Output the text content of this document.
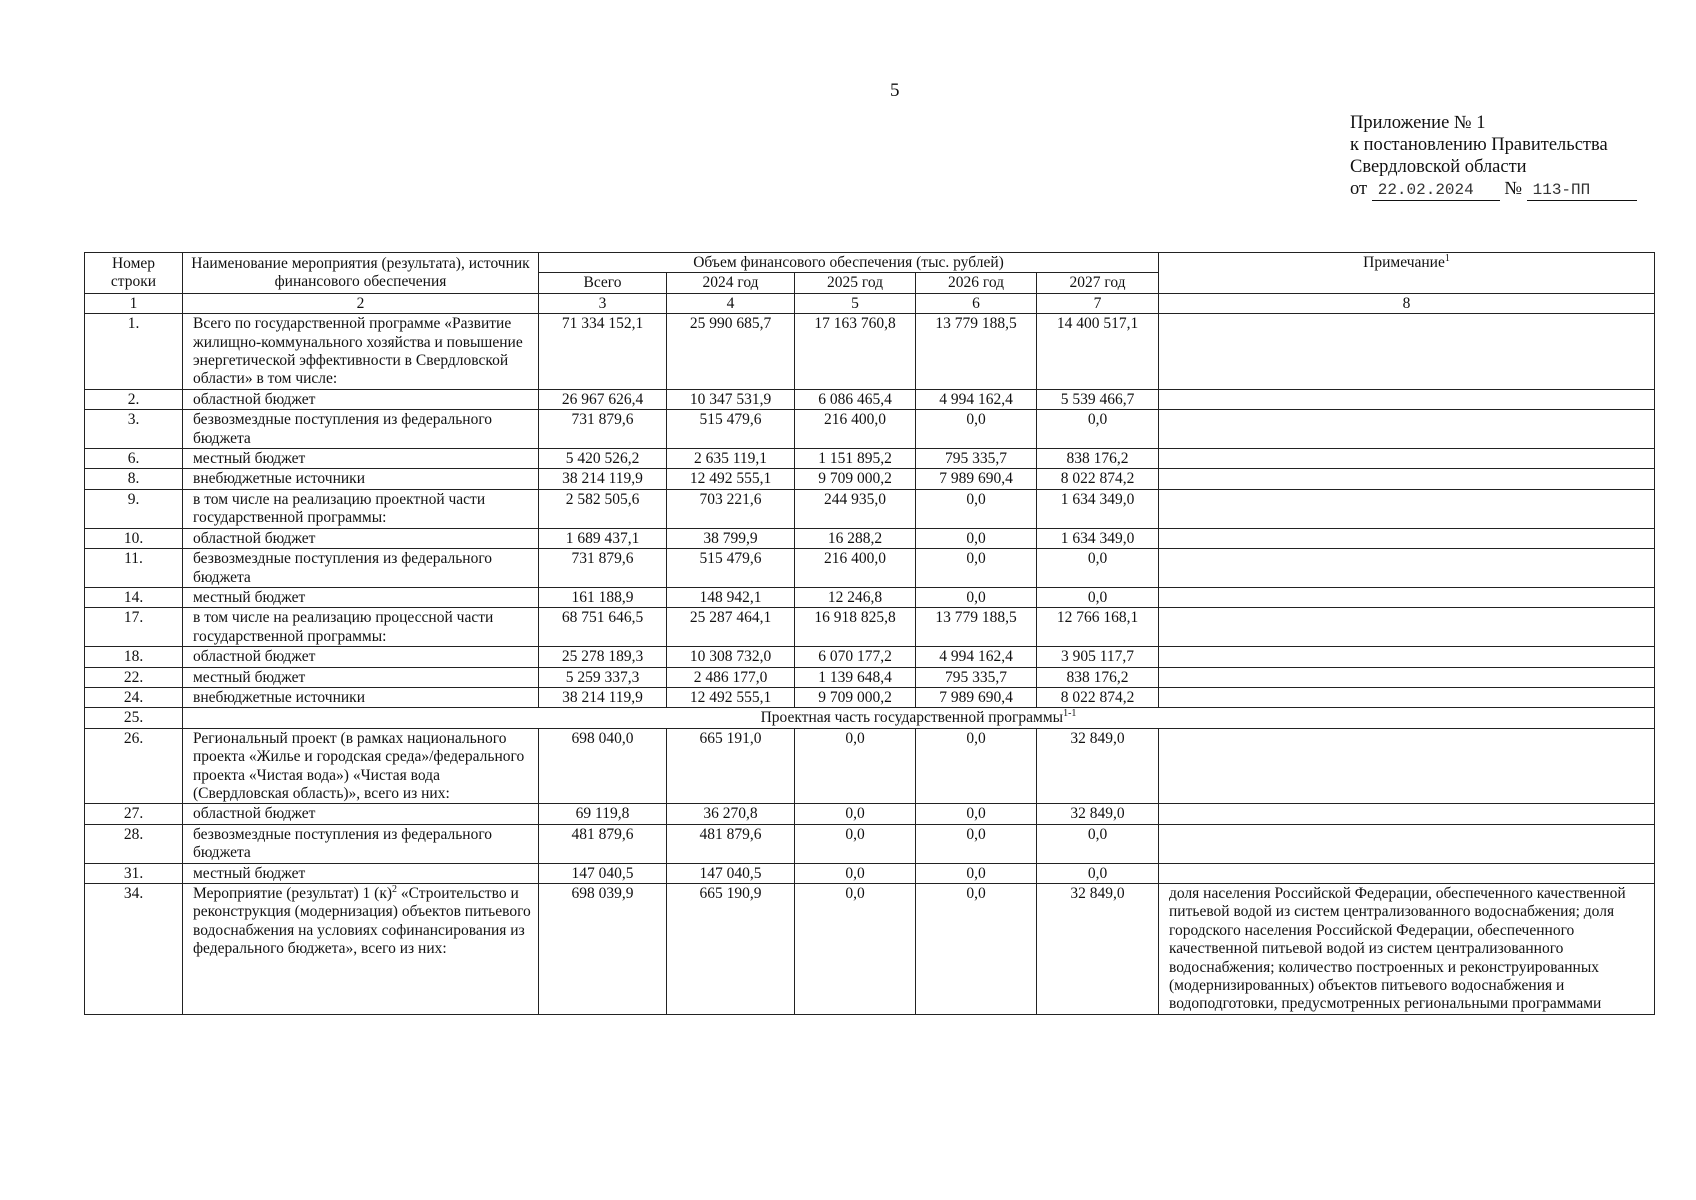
5
Приложение № 1
к постановлению Правительства
Свердловской области
от 22.02.2024 № 113-ПП
Номер строки	Наименование мероприятия (результата), источник финансового обеспечения	Объем финансового обеспечения (тыс. рублей)					Примечание$^1$
		Всего	2024 год	2025 год	2026 год	2027 год	
1	2	3	4	5	6	7	8
1.	Всего по государственной программе «Развитие жилищно-коммунального хозяйства и повышение энергетической эффективности в Свердловской области» в том числе:	71 334 152,1	25 990 685,7	17 163 760,8	13 779 188,5	14 400 517,1	
2.	областной бюджет	26 967 626,4	10 347 531,9	6 086 465,4	4 994 162,4	5 539 466,7	
3.	безвозмездные поступления из федерального бюджета	731 879,6	515 479,6	216 400,0	0,0	0,0	
6.	местный бюджет	5 420 526,2	2 635 119,1	1 151 895,2	795 335,7	838 176,2	
8.	внебюджетные источники	38 214 119,9	12 492 555,1	9 709 000,2	7 989 690,4	8 022 874,2	
9.	в том числе на реализацию проектной части государственной программы:	2 582 505,6	703 221,6	244 935,0	0,0	1 634 349,0	
10.	областной бюджет	1 689 437,1	38 799,9	16 288,2	0,0	1 634 349,0	
11.	безвозмездные поступления из федерального бюджета	731 879,6	515 479,6	216 400,0	0,0	0,0	
14.	местный бюджет	161 188,9	148 942,1	12 246,8	0,0	0,0	
17.	в том числе на реализацию процессной части государственной программы:	68 751 646,5	25 287 464,1	16 918 825,8	13 779 188,5	12 766 168,1	
18.	областной бюджет	25 278 189,3	10 308 732,0	6 070 177,2	4 994 162,4	3 905 117,7	
22.	местный бюджет	5 259 337,3	2 486 177,0	1 139 648,4	795 335,7	838 176,2	
24.	внебюджетные источники	38 214 119,9	12 492 555,1	9 709 000,2	7 989 690,4	8 022 874,2	
25.	Проектная часть государственной программы$^{1-1}$
26.	Региональный проект (в рамках национального проекта «Жилье и городская среда»/федерального проекта «Чистая вода») «Чистая вода (Свердловская область)», всего из них:	698 040,0	665 191,0	0,0	0,0	32 849,0	
27.	областной бюджет	69 119,8	36 270,8	0,0	0,0	32 849,0	
28.	безвозмездные поступления из федерального бюджета	481 879,6	481 879,6	0,0	0,0	0,0	
31.	местный бюджет	147 040,5	147 040,5	0,0	0,0	0,0	
34.	Мероприятие (результат) 1 $(к)^2$ «Строительство и реконструкция (модернизация) объектов питьевого водоснабжения на условиях софинансирования из федерального бюджета», всего из них:	698 039,9	665 190,9	0,0	0,0	32 849,0	доля населения Российской Федерации, обеспеченного качественной питьевой водой из систем централизованного водоснабжения; доля городского населения Российской Федерации, обеспеченного качественной питьевой водой из систем централизованного водоснабжения; количество построенных и реконструированных (модернизированных) объектов питьевого водоснабжения и водоподготовки, предусмотренных региональными программами
